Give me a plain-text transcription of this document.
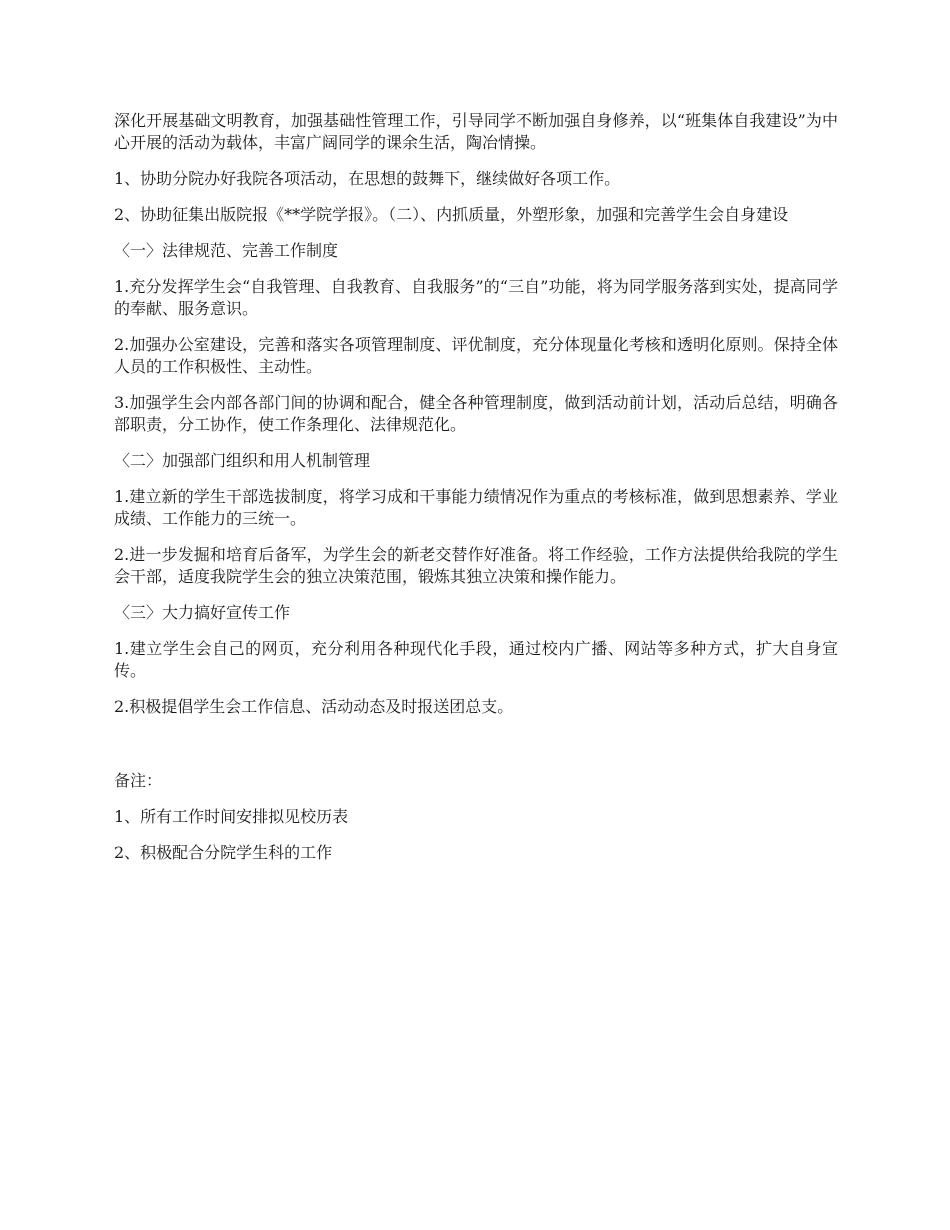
深化开展基础文明教育，加强基础性管理工作，引导同学不断加强自身修养，以“班集体自我建设”为中心开展的活动为载体，丰富广阔同学的课余生活，陶冶情操。

1、协助分院办好我院各项活动，在思想的鼓舞下，继续做好各项工作。

2、协助征集出版院报《**学院学报》。（二）、内抓质量，外塑形象，加强和完善学生会自身建设

〈一〉法律规范、完善工作制度

1.充分发挥学生会“自我管理、自我教育、自我服务”的“三自”功能，将为同学服务落到实处，提高同学的奉献、服务意识。

2.加强办公室建设，完善和落实各项管理制度、评优制度，充分体现量化考核和透明化原则。保持全体人员的工作积极性、主动性。

3.加强学生会内部各部门间的协调和配合，健全各种管理制度，做到活动前计划，活动后总结，明确各部职责，分工协作，使工作条理化、法律规范化。

〈二〉加强部门组织和用人机制管理

1.建立新的学生干部选拔制度，将学习成和干事能力绩情况作为重点的考核标准，做到思想素养、学业成绩、工作能力的三统一。

2.进一步发掘和培育后备军，为学生会的新老交替作好准备。将工作经验，工作方法提供给我院的学生会干部，适度我院学生会的独立决策范围，锻炼其独立决策和操作能力。

〈三〉大力搞好宣传工作

1.建立学生会自己的网页，充分利用各种现代化手段，通过校内广播、网站等多种方式，扩大自身宣传。

2.积极提倡学生会工作信息、活动动态及时报送团总支。

备注：

1、所有工作时间安排拟见校历表

2、积极配合分院学生科的工作
